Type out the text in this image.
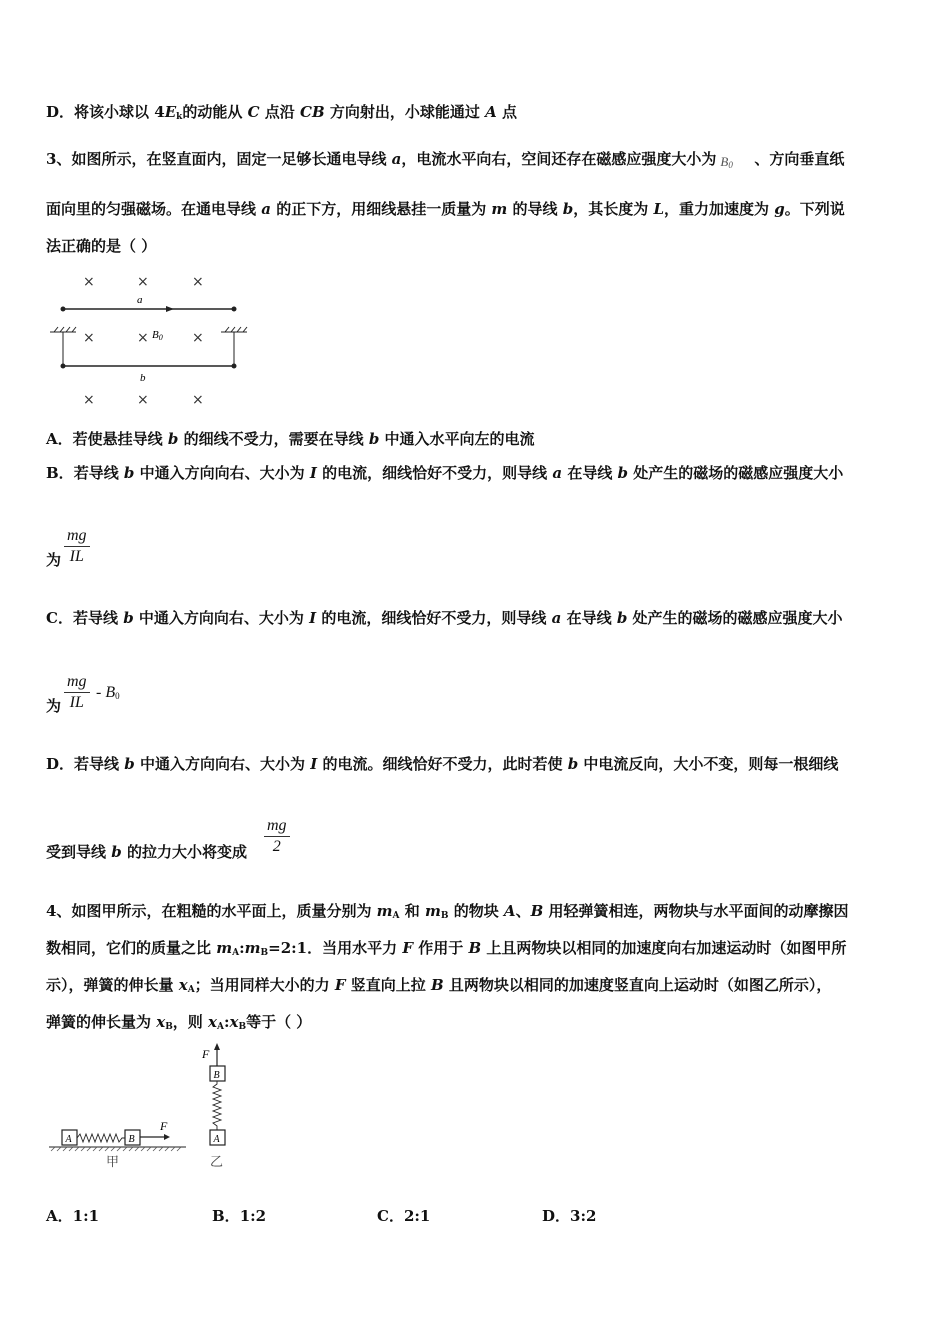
D．将该小球以 $4E_k$的动能从 C 点沿 CB 方向射出，小球能通过 A 点
3、如图所示，在竖直面内，固定一足够长通电导线 a，电流水平向右，空间还存在磁感应强度大小为 $B_0$ 、方向垂直纸
面向里的匀强磁场。在通电导线 a 的正下方，用细线悬挂一质量为 m 的导线 b，其长度为 L，重力加速度为 g。下列说
法正确的是（ ）
×	×	×
×	×	×
×	×	×
a
B0
b
A．若使悬挂导线 b 的细线不受力，需要在导线 b 中通入水平向左的电流
B．若导线 b 中通入方向向右、大小为 I 的电流，细线恰好不受力，则导线 a 在导线 b 处产生的磁场的磁感应强度大小
为 $\frac{mg}{IL}$
C．若导线 b 中通入方向向右、大小为 I 的电流，细线恰好不受力，则导线 a 在导线 b 处产生的磁场的磁感应强度大小
为 $\frac{mg}{IL} - B_0$
D．若导线 b 中通入方向向右、大小为 I 的电流。细线恰好不受力，此时若使 b 中电流反向，大小不变，则每一根细线
受到导线 b 的拉力大小将变成 $\frac{mg}{2}$
4、如图甲所示，在粗糙的水平面上，质量分别为 $m_A$ 和 $m_B$ 的物块 A、B 用轻弹簧相连，两物块与水平面间的动摩擦因
数相同，它们的质量之比 $m_A:m_B=2:1$．当用水平力 F 作用于 B 上且两物块以相同的加速度向右加速运动时（如图甲所
示），弹簧的伸长量 $x_A$；当用同样大小的力 F 竖直向上拉 B 且两物块以相同的加速度竖直向上运动时（如图乙所示），
弹簧的伸长量为 $x_B$，则 $x_A:x_B$等于（ ）
A	B
F
甲
F
B
A
乙
A．1:1	B．1:2	C．2:1	D．3:2
